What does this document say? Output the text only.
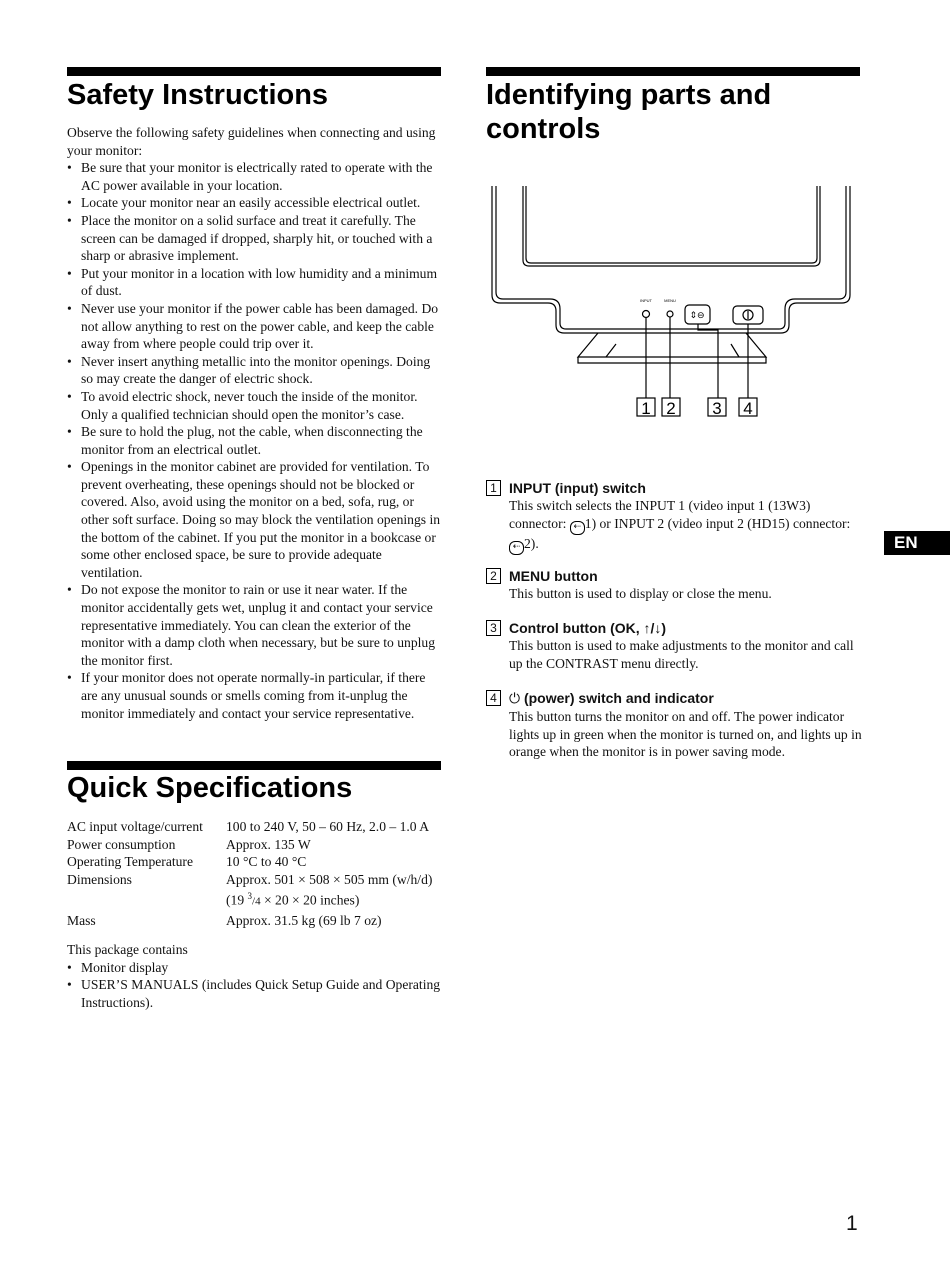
Safety Instructions
Observe the following safety guidelines when connecting and using your monitor:
• Be sure that your monitor is electrically rated to operate with the AC power available in your location.
• Locate your monitor near an easily accessible electrical outlet.
• Place the monitor on a solid surface and treat it carefully. The screen can be damaged if dropped, sharply hit, or touched with a sharp or abrasive implement.
• Put your monitor in a location with low humidity and a minimum of dust.
• Never use your monitor if the power cable has been damaged. Do not allow anything to rest on the power cable, and keep the cable away from where people could trip over it.
• Never insert anything metallic into the monitor openings. Doing so may create the danger of electric shock.
• To avoid electric shock, never touch the inside of the monitor. Only a qualified technician should open the monitor’s case.
• Be sure to hold the plug, not the cable, when disconnecting the monitor from an electrical outlet.
• Openings in the monitor cabinet are provided for ventilation. To prevent overheating, these openings should not be blocked or covered. Also, avoid using the monitor on a bed, sofa, rug, or other soft surface. Doing so may block the ventilation openings in the bottom of the cabinet. If you put the monitor in a bookcase or some other enclosed space, be sure to provide adequate ventilation.
• Do not expose the monitor to rain or use it near water. If the monitor accidentally gets wet, unplug it and contact your service representative immediately. You can clean the exterior of the monitor with a damp cloth when necessary, but be sure to unplug the monitor first.
• If your monitor does not operate normally-in particular, if there are any unusual sounds or smells coming from it-unplug the monitor immediately and contact your service representative.
Quick Specifications
AC input voltage/current	100 to 240 V, 50 – 60 Hz, 2.0 – 1.0 A
Power consumption	Approx. 135 W
Operating Temperature	10 °C to 40 °C
Dimensions	Approx. 501 × 508 × 505 mm (w/h/d) (19 $^3$/4 × 20 × 20 inches)
Mass	Approx. 31.5 kg (69 lb 7 oz)
This package contains
• Monitor display
• USER’S MANUALS (includes Quick Setup Guide and Operating Instructions).
Identifying parts and
controls
INPUT	MENU
⇕⊖
1 2 3 4
1 INPUT (input) switch
This switch selects the INPUT 1 (video input 1 (13W3) connector: ⇠ 1) or INPUT 2 (video input 2 (HD15) connector: ⇠ 2).
2 MENU button
This button is used to display or close the menu.
3 Control button (OK, ↑/↓)
This button is used to make adjustments to the monitor and call up the CONTRAST menu directly.
4 ⏻ (power) switch and indicator
This button turns the monitor on and off. The power indicator lights up in green when the monitor is turned on, and lights up in orange when the monitor is in power saving mode.
EN
1
